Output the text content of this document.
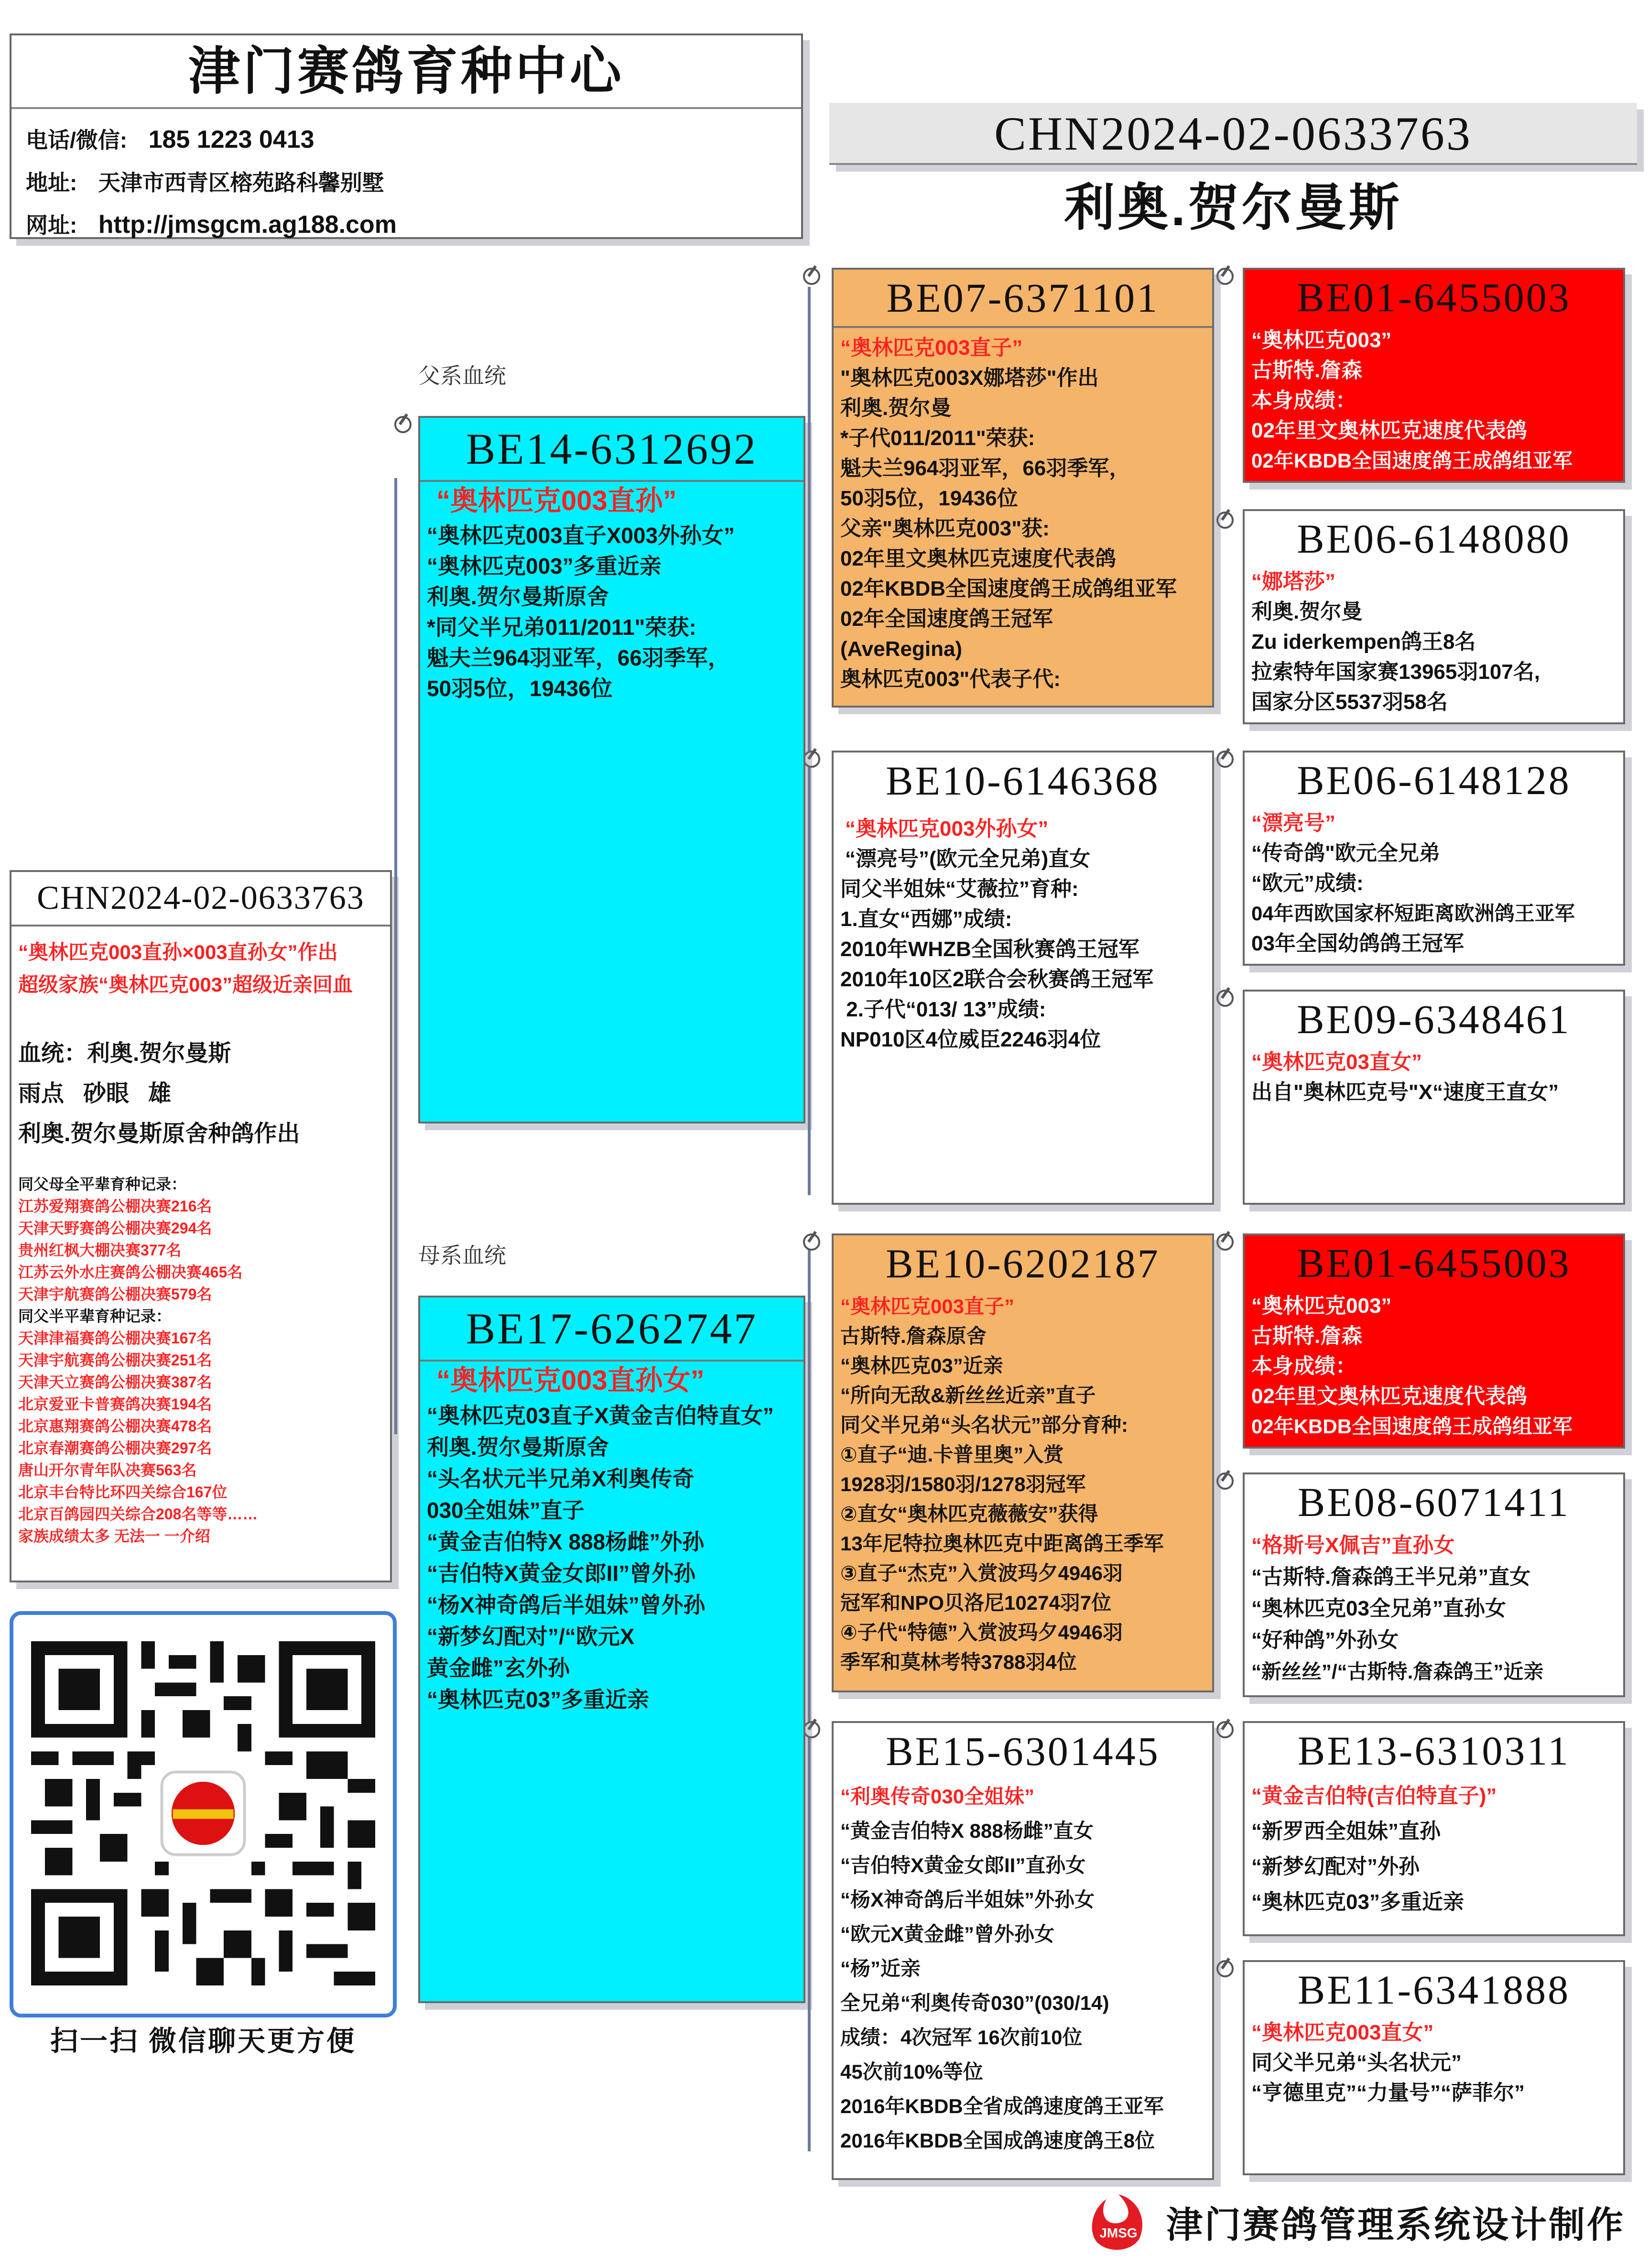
津门赛鸽育种中心
电话/微信: 185 1223 0413
地址: 天津市西青区榕苑路科馨别墅
网址: http://jmsgcm.ag188.com
CHN2024-02-0633763
利奥.贺尔曼斯
父系血统
母系血统
CHN2024-02-0633763
“奥林匹克003直孙×003直孙女”作出
超级家族“奥林匹克003”超级近亲回血
血统：利奥.贺尔曼斯
雨点   砂眼   雄
利奥.贺尔曼斯原舍种鸽作出
同父母全平辈育种记录：
江苏爱翔赛鸽公棚决赛216名
天津天野赛鸽公棚决赛294名
贵州红枫大棚决赛377名
江苏云外水庄赛鸽公棚决赛465名
天津宇航赛鸽公棚决赛579名
同父半平辈育种记录：
天津津福赛鸽公棚决赛167名
天津宇航赛鸽公棚决赛251名
天津天立赛鸽公棚决赛387名
北京爱亚卡普赛鸽决赛194名
北京惠翔赛鸽公棚决赛478名
北京春潮赛鸽公棚决赛297名
唐山开尔青年队决赛563名
北京丰台特比环四关综合167位
北京百鸽园四关综合208名等等……
家族成绩太多 无法一 一介绍
扫一扫 微信聊天更方便
BE14-6312692
“奥林匹克003直孙”
“奥林匹克003直子X003外孙女”
“奥林匹克003”多重近亲
利奥.贺尔曼斯原舍
*同父半兄弟011/2011"荣获:
魁夫兰964羽亚军，66羽季军，
50羽5位，19436位
BE17-6262747
“奥林匹克003直孙女”
“奥林匹克03直子X黄金吉伯特直女”
利奥.贺尔曼斯原舍
“头名状元半兄弟X利奥传奇
030全姐妹”直子
“黄金吉伯特X 888杨雌”外孙
“吉伯特X黄金女郎II”曾外孙
“杨X神奇鸽后半姐妹”曾外孙
“新梦幻配对”/“欧元X
黄金雌”玄外孙
“奥林匹克03”多重近亲
BE07-6371101
“奥林匹克003直子”
"奥林匹克003X娜塔莎"作出
利奥.贺尔曼
*子代011/2011"荣获:
魁夫兰964羽亚军，66羽季军，
50羽5位，19436位
父亲"奥林匹克003"获:
02年里文奥林匹克速度代表鸽
02年KBDB全国速度鸽王成鸽组亚军
02年全国速度鸽王冠军
(AveRegina)
奥林匹克003"代表子代:
BE10-6146368
“奥林匹克003外孙女”
“漂亮号”(欧元全兄弟)直女
同父半姐妹“艾薇拉”育种:
1.直女“西娜”成绩:
2010年WHZB全国秋赛鸽王冠军
2010年10区2联合会秋赛鸽王冠军
2.子代“013/ 13”成绩:
NP010区4位威臣2246羽4位
BE10-6202187
“奥林匹克003直子”
古斯特.詹森原舍
“奥林匹克03”近亲
“所向无敌&新丝丝近亲”直子
同父半兄弟“头名状元”部分育种:
①直子“迪.卡普里奥”入赏
1928羽/1580羽/1278羽冠军
②直女“奥林匹克薇薇安”获得
13年尼特拉奥林匹克中距离鸽王季军
③直子“杰克”入赏波玛夕4946羽
冠军和NPO贝洛尼10274羽7位
④子代“特德”入赏波玛夕4946羽
季军和莫林考特3788羽4位
BE15-6301445
“利奥传奇030全姐妹”
“黄金吉伯特X 888杨雌”直女
“吉伯特X黄金女郎II”直孙女
“杨X神奇鸽后半姐妹”外孙女
“欧元X黄金雌”曾外孙女
“杨”近亲
全兄弟“利奥传奇030”(030/14)
成绩：4次冠军 16次前10位
45次前10%等位
2016年KBDB全省成鸽速度鸽王亚军
2016年KBDB全国成鸽速度鸽王8位
BE01-6455003
“奥林匹克003”
古斯特.詹森
本身成绩：
02年里文奥林匹克速度代表鸽
02年KBDB全国速度鸽王成鸽组亚军
BE06-6148080
“娜塔莎”
利奥.贺尔曼
Zu iderkempen鸽王8名
拉索特年国家赛13965羽107名,
国家分区5537羽58名
BE06-6148128
“漂亮号”
“传奇鸽"欧元全兄弟
“欧元”成绩:
04年西欧国家杯短距离欧洲鸽王亚军
03年全国幼鸽鸽王冠军
BE09-6348461
“奥林匹克03直女”
出自"奥林匹克号"X“速度王直女”
BE01-6455003
“奥林匹克003”
古斯特.詹森
本身成绩：
02年里文奥林匹克速度代表鸽
02年KBDB全国速度鸽王成鸽组亚军
BE08-6071411
“格斯号X佩吉”直孙女
“古斯特.詹森鸽王半兄弟”直女
“奥林匹克03全兄弟”直孙女
“好种鸽”外孙女
“新丝丝”/“古斯特.詹森鸽王”近亲
BE13-6310311
“黄金吉伯特(吉伯特直子)”
“新罗西全姐妹”直孙
“新梦幻配对”外孙
“奥林匹克03”多重近亲
BE11-6341888
“奥林匹克003直女”
同父半兄弟“头名状元”
“亨德里克”“力量号”“萨菲尔”
JMSG 津门赛鸽管理系统设计制作
